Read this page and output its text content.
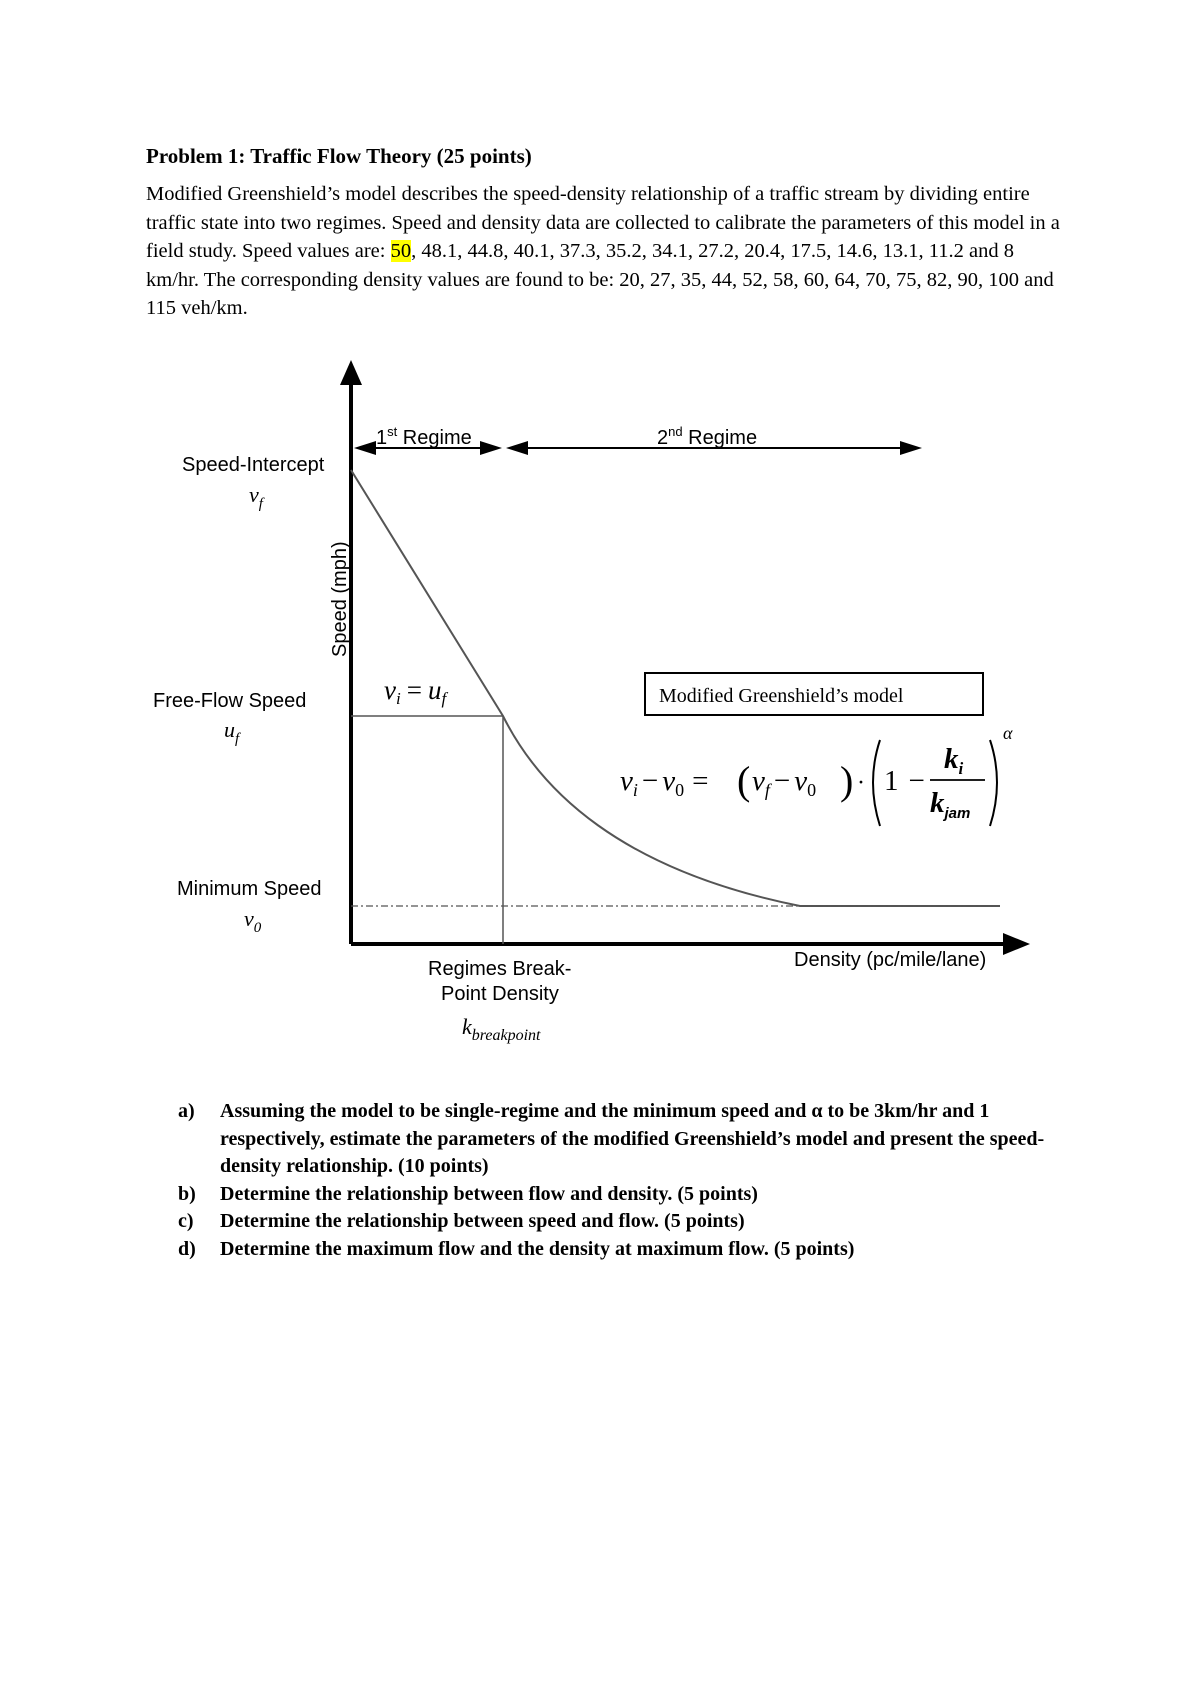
Problem 1: Traffic Flow Theory (25 points)
Modified Greenshield’s model describes the speed-density relationship of a traffic stream by dividing entire traffic state into two regimes. Speed and density data are collected to calibrate the parameters of this model in a field study. Speed values are: 50, 48.1, 44.8, 40.1, 37.3, 35.2, 34.1, 27.2, 20.4, 17.5, 14.6, 13.1, 11.2 and 8 km/hr. The corresponding density values are found to be: 20, 27, 35, 44, 52, 58, 60, 64, 70, 75, 82, 90, 100 and 115 veh/km.
1st Regime	2nd Regime
Speed-Intercept
$v_f$
Speed (mph)
Free-Flow Speed
$u_f$
Minimum Speed
$v_0$
vi = uf	Modified Greenshield’s model
$v_i - v_0$ = ( $v_f - v_0$ ) · 1 −
$k_i$
$k_{jam}$
α
Regimes Break-
Point Density
$k_{breakpoint}$
Density (pc/mile/lane)
a) Assuming the model to be single-regime and the minimum speed and α to be 3km/hr and 1 respectively, estimate the parameters of the modified Greenshield’s model and present the speed-density relationship. (10 points)
b) Determine the relationship between flow and density. (5 points)
c) Determine the relationship between speed and flow. (5 points)
d) Determine the maximum flow and the density at maximum flow. (5 points)
